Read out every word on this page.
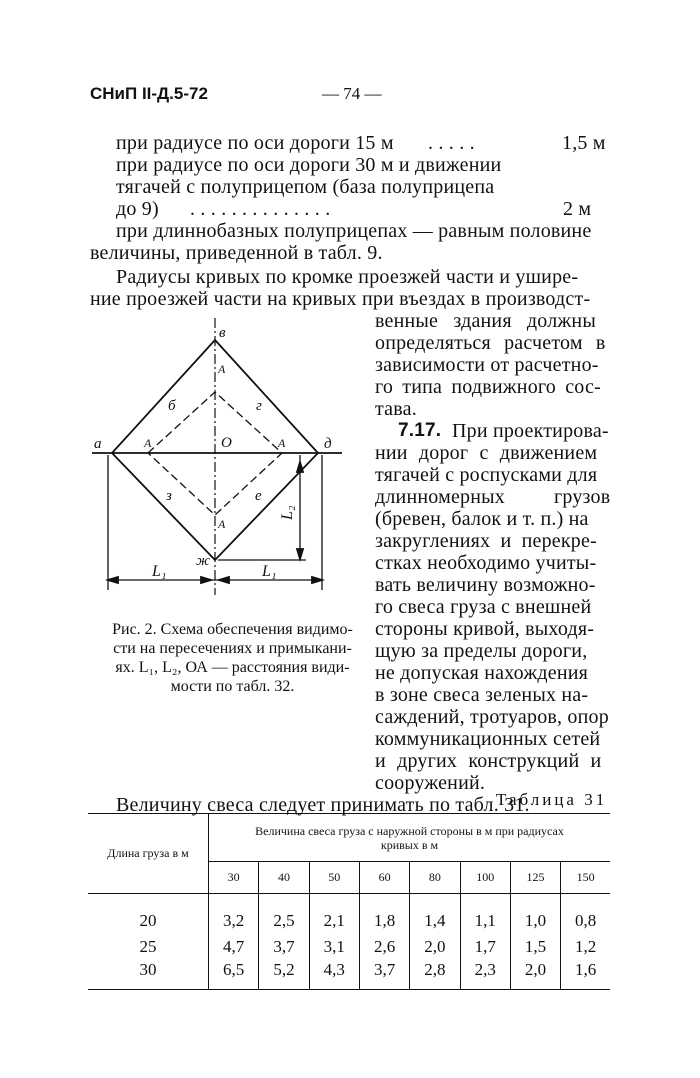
СНиП II-Д.5-72	— 74 —
при радиусе по оси дороги 15 м . . . . .	1,5 м
при радиусе по оси дороги 30 м и движении
тягачей с полуприцепом (база полуприцепа
до 9) . . . . . . . . . . . . . .	2 м
при длиннобазных полуприцепах — равным половине
величины, приведенной в табл. 9.
Радиусы кривых по кромке проезжей части и ушире-
ние проезжей части на кривых при въездах в производст-
венные здания должны
определяться расчетом в
зависимости от расчетно-
го типа подвижного сос-
тава.
7.17. При проектирова-
нии дорог с движением
тягачей с роспусками для
длинномерных грузов
(бревен, балок и т. п.) на
закруглениях и перекре-
стках необходимо учиты-
вать величину возможно-
го свеса груза с внешней
стороны кривой, выходя-
щую за пределы дороги,
не допуская нахождения
в зоне свеса зеленых на-
саждений, тротуаров, опор
коммуникационных сетей
и других конструкций и
сооружений.
Величину свеса следует принимать по табл. 31.
а
в
д
б	г
з	е
ж
О
А
А	А
А
L₁	L₁
L₂
Рис. 2. Схема обеспечения видимо-
сти на пересечениях и примыкани-
ях. L₁, L₂, ОА — расстояния види-
мости по табл. 32.
Таблица 31
Длина груза в м	Величина свеса груза с наружной стороны в м при радиусах кривых в м							
	30	40	50	60	80	100	125	150

20	3,2	2,5	2,1	1,8	1,4	1,1	1,0	0,8
25	4,7	3,7	3,1	2,6	2,0	1,7	1,5	1,2
30	6,5	5,2	4,3	3,7	2,8	2,3	2,0	1,6
